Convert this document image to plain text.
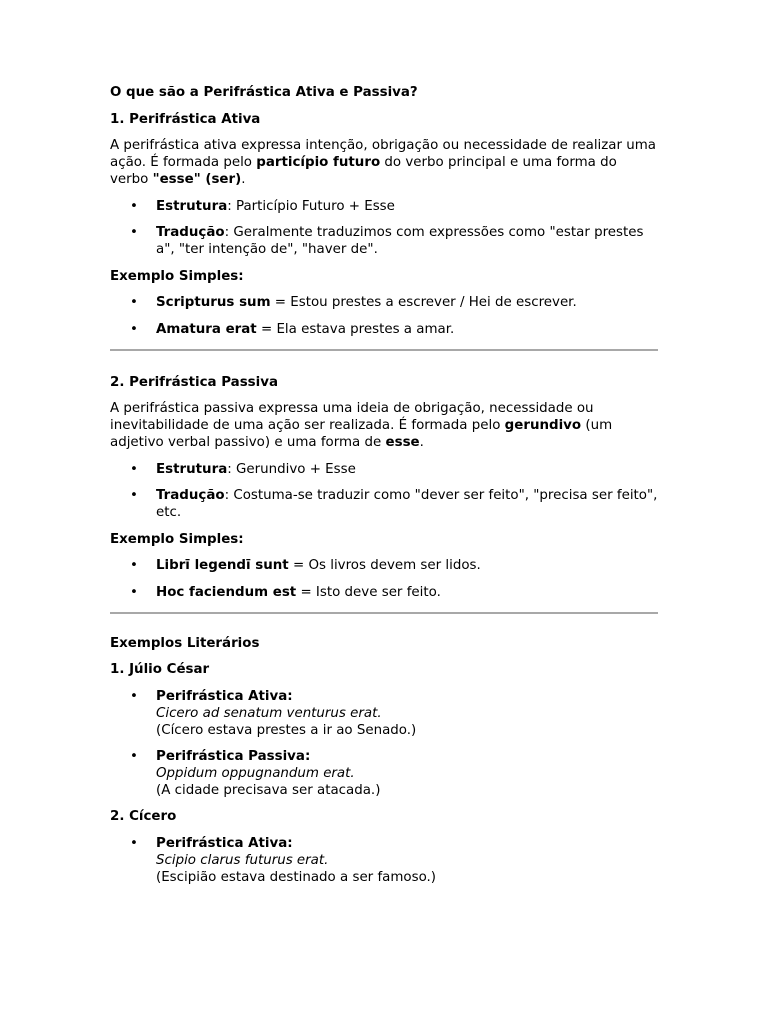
O que são a Perifrástica Ativa e Passiva?
1. Perifrástica Ativa

A perifrástica ativa expressa intenção, obrigação ou necessidade de realizar uma ação. É formada pelo particípio futuro do verbo principal e uma forma do verbo "esse" (ser).

• Estrutura: Particípio Futuro + Esse
• Tradução: Geralmente traduzimos com expressões como "estar prestes a", "ter intenção de", "haver de".
Exemplo Simples:
• Scripturus sum = Estou prestes a escrever / Hei de escrever.
• Amatura erat = Ela estava prestes a amar.
2. Perifrástica Passiva

A perifrástica passiva expressa uma ideia de obrigação, necessidade ou inevitabilidade de uma ação ser realizada. É formada pelo gerundivo (um adjetivo verbal passivo) e uma forma de esse.

• Estrutura: Gerundivo + Esse
• Tradução: Costuma-se traduzir como "dever ser feito", "precisa ser feito", etc.
Exemplo Simples:
• Librī legendī sunt = Os livros devem ser lidos.
• Hoc faciendum est = Isto deve ser feito.
Exemplos Literários
1. Júlio César
• Perifrástica Ativa:
Cicero ad senatum venturus erat.
(Cícero estava prestes a ir ao Senado.)
• Perifrástica Passiva:
Oppidum oppugnandum erat.
(A cidade precisava ser atacada.)
2. Cícero
• Perifrástica Ativa:
Scipio clarus futurus erat.
(Escipião estava destinado a ser famoso.)
